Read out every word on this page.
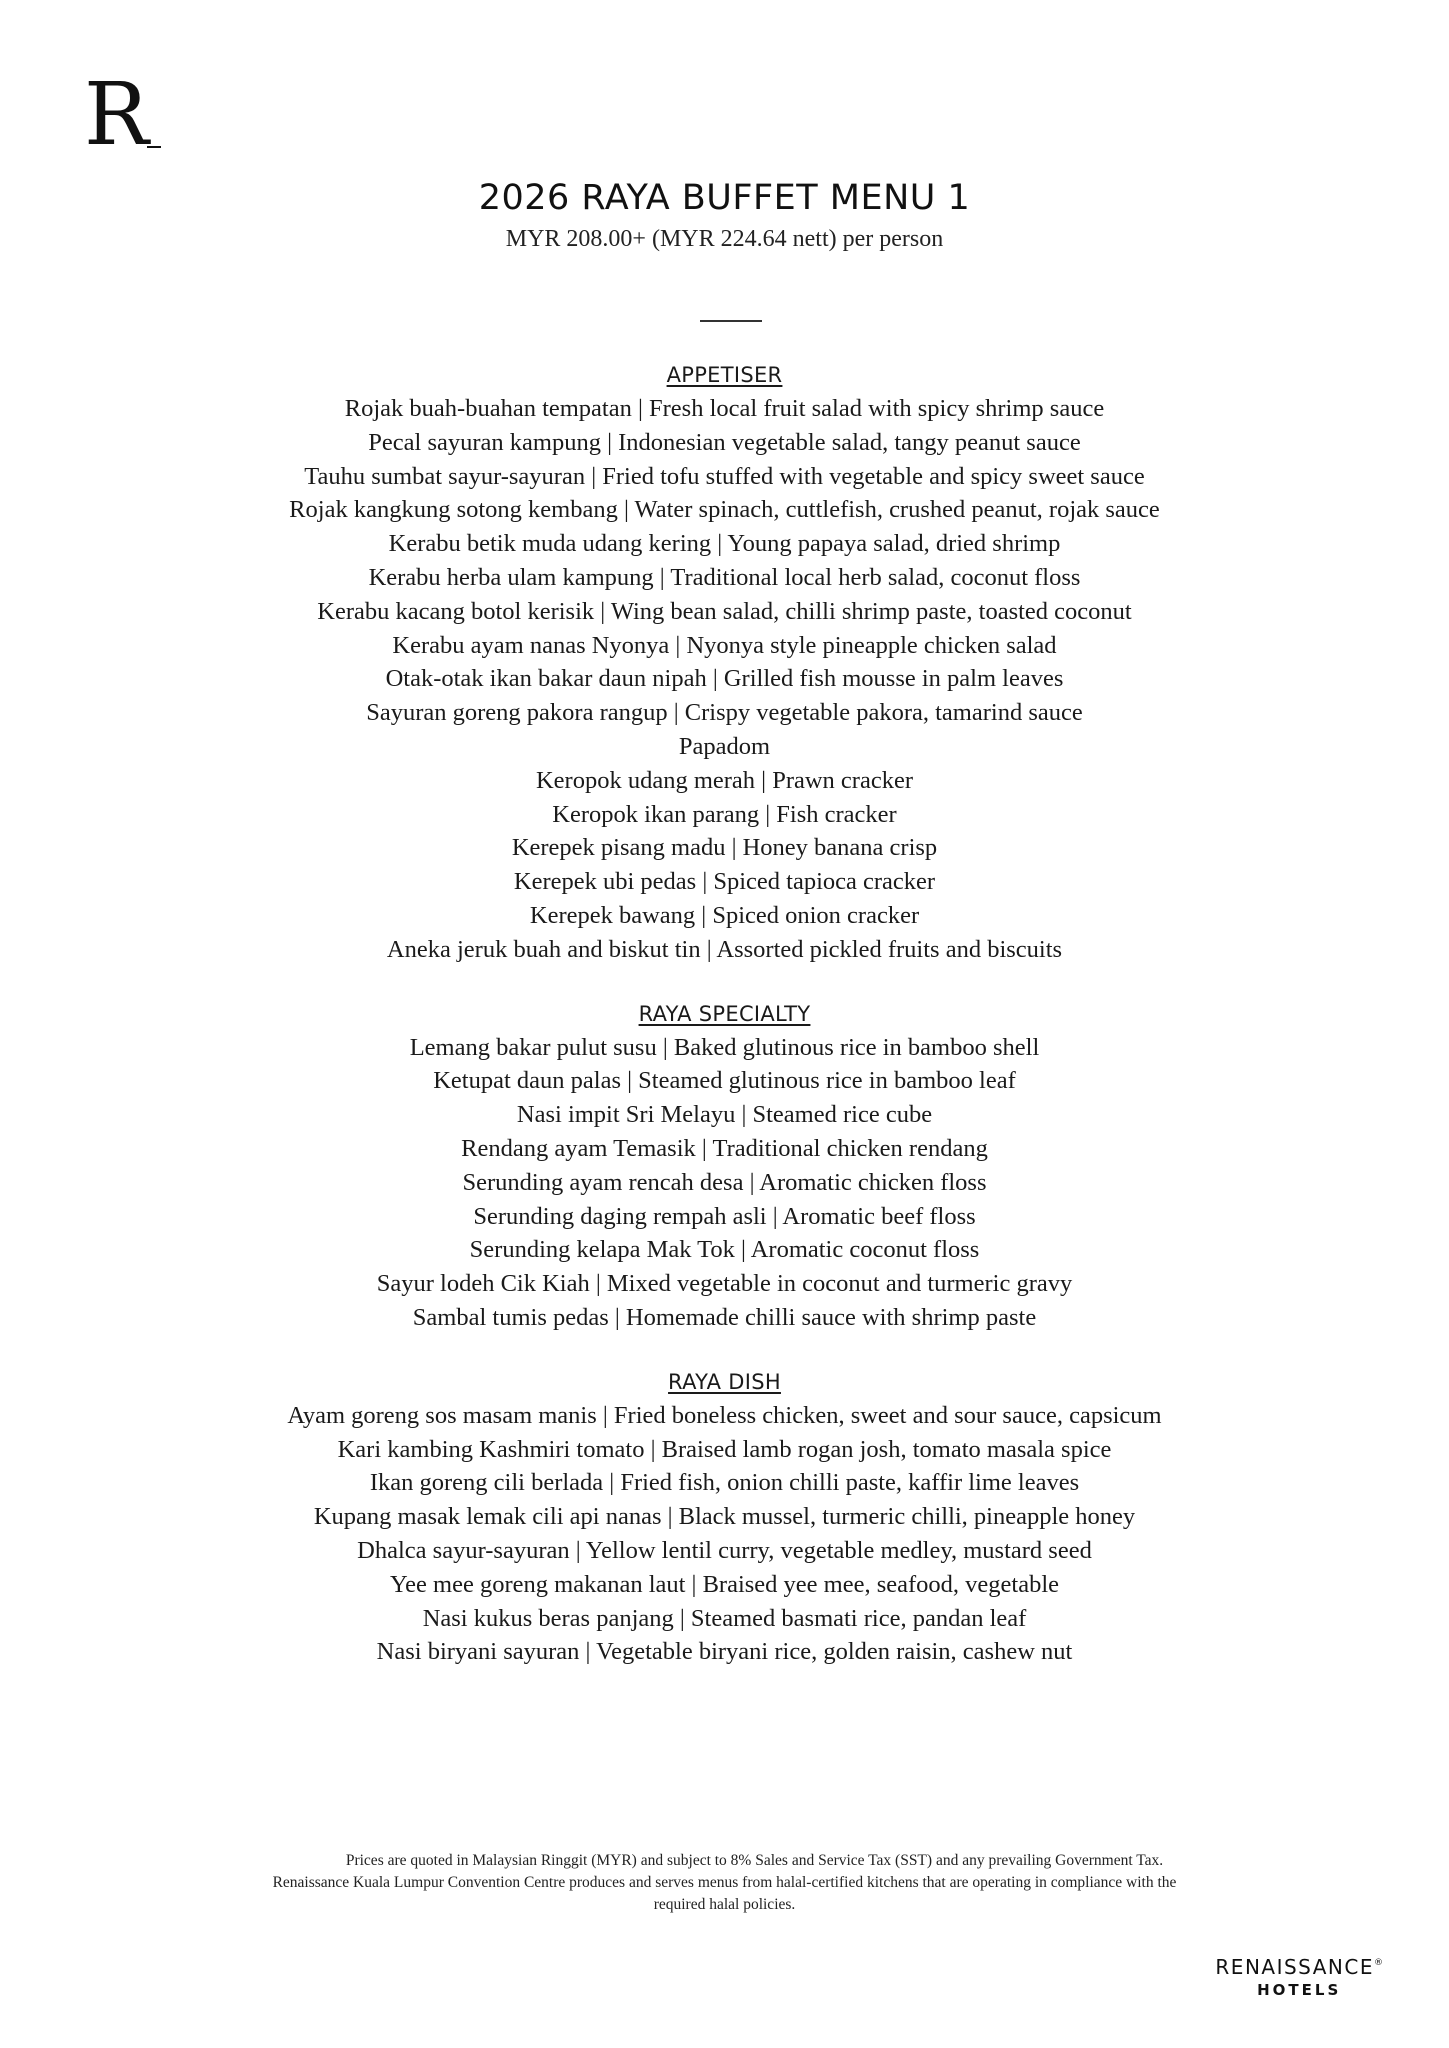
R
2026 RAYA BUFFET MENU 1
MYR 208.00+ (MYR 224.64 nett) per person
APPETISER
Rojak buah-buahan tempatan | Fresh local fruit salad with spicy shrimp sauce
Pecal sayuran kampung | Indonesian vegetable salad, tangy peanut sauce
Tauhu sumbat sayur-sayuran | Fried tofu stuffed with vegetable and spicy sweet sauce
Rojak kangkung sotong kembang | Water spinach, cuttlefish, crushed peanut, rojak sauce
Kerabu betik muda udang kering | Young papaya salad, dried shrimp
Kerabu herba ulam kampung | Traditional local herb salad, coconut floss
Kerabu kacang botol kerisik | Wing bean salad, chilli shrimp paste, toasted coconut
Kerabu ayam nanas Nyonya | Nyonya style pineapple chicken salad
Otak-otak ikan bakar daun nipah | Grilled fish mousse in palm leaves
Sayuran goreng pakora rangup | Crispy vegetable pakora, tamarind sauce
Papadom
Keropok udang merah | Prawn cracker
Keropok ikan parang | Fish cracker
Kerepek pisang madu | Honey banana crisp
Kerepek ubi pedas | Spiced tapioca cracker
Kerepek bawang | Spiced onion cracker
Aneka jeruk buah and biskut tin | Assorted pickled fruits and biscuits
RAYA SPECIALTY
Lemang bakar pulut susu | Baked glutinous rice in bamboo shell
Ketupat daun palas | Steamed glutinous rice in bamboo leaf
Nasi impit Sri Melayu | Steamed rice cube
Rendang ayam Temasik | Traditional chicken rendang
Serunding ayam rencah desa | Aromatic chicken floss
Serunding daging rempah asli | Aromatic beef floss
Serunding kelapa Mak Tok | Aromatic coconut floss
Sayur lodeh Cik Kiah | Mixed vegetable in coconut and turmeric gravy
Sambal tumis pedas | Homemade chilli sauce with shrimp paste
RAYA DISH
Ayam goreng sos masam manis | Fried boneless chicken, sweet and sour sauce, capsicum
Kari kambing Kashmiri tomato | Braised lamb rogan josh, tomato masala spice
Ikan goreng cili berlada | Fried fish, onion chilli paste, kaffir lime leaves
Kupang masak lemak cili api nanas | Black mussel, turmeric chilli, pineapple honey
Dhalca sayur-sayuran | Yellow lentil curry, vegetable medley, mustard seed
Yee mee goreng makanan laut | Braised yee mee, seafood, vegetable
Nasi kukus beras panjang | Steamed basmati rice, pandan leaf
Nasi biryani sayuran | Vegetable biryani rice, golden raisin, cashew nut
Prices are quoted in Malaysian Ringgit (MYR) and subject to 8% Sales and Service Tax (SST) and any prevailing Government Tax.
Renaissance Kuala Lumpur Convention Centre produces and serves menus from halal-certified kitchens that are operating in compliance with the
required halal policies.
RENAISSANCE®
HOTELS
